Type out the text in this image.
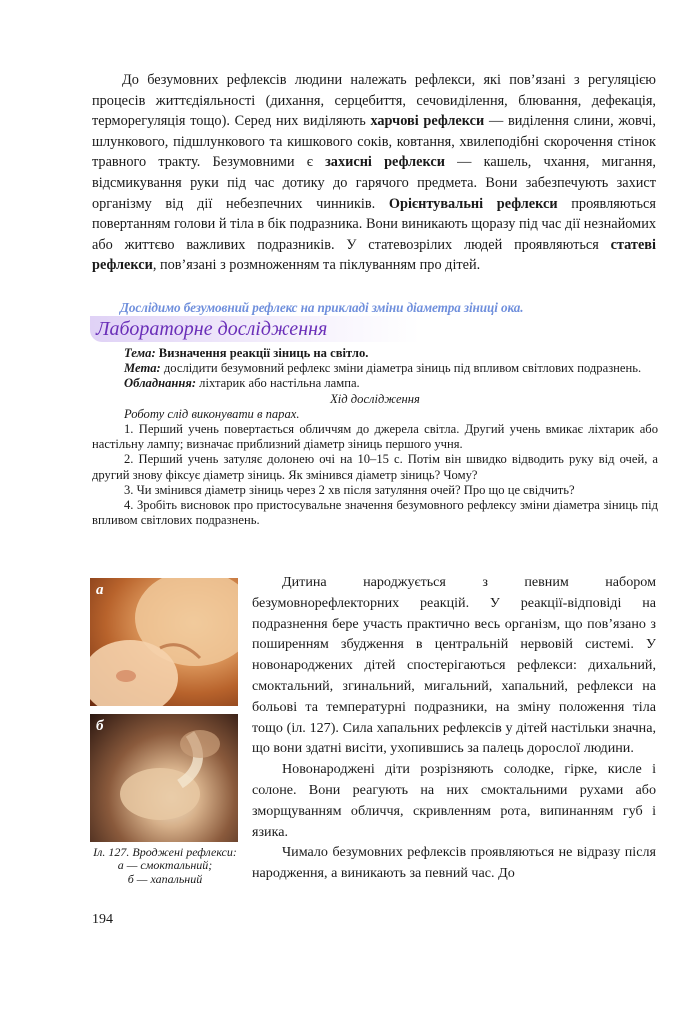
До безумовних рефлексів людини належать рефлекси, які пов’язані з регуляцією процесів життєдіяльності (дихання, серцебиття, сечовиділення, блювання, дефекація, терморегуляція тощо). Серед них виділяють харчові рефлекси — виділення слини, жовчі, шлункового, підшлункового та кишкового соків, ковтання, хвилеподібні скорочення стінок травного тракту. Безумовними є захисні рефлекси — кашель, чхання, мигання, відсмикування руки під час дотику до гарячого предмета. Вони забезпечують захист організму від дії небезпечних чинників. Орієнтувальні рефлекси проявляються повертанням голови й тіла в бік подразника. Вони виникають щоразу під час дії незнайомих або життєво важливих подразників. У статевозрілих людей проявляються статеві рефлекси, пов’язані з розмноженням та піклуванням про дітей.

Дослідимо безумовний рефлекс на прикладі зміни діаметра зіниці ока.

Лабораторне дослідження

Тема: Визначення реакції зіниць на світло.

Мета: дослідити безумовний рефлекс зміни діаметра зіниць під впливом світлових подразнень.

Обладнання: ліхтарик або настільна лампа.

Хід дослідження

Роботу слід виконувати в парах.

1. Перший учень повертається обличчям до джерела світла. Другий учень вмикає ліхтарик або настільну лампу; визначає приблизний діаметр зіниць першого учня.

2. Перший учень затуляє долонею очі на 10–15 с. Потім він швидко відводить руку від очей, а другий знову фіксує діаметр зіниць. Як змінився діаметр зіниць? Чому?

3. Чи змінився діаметр зіниць через 2 хв після затуляння очей? Про що це свідчить?

4. Зробіть висновок про пристосувальне значення безумовного рефлексу зміни діаметра зіниць під впливом світлових подразнень.

а
б

Іл. 127. Вроджені рефлекси:

а — смоктальний;

б — хапальний

Дитина народжується з певним набором безумовнорефлекторних реакцій. У реакції-відповіді на подразнення бере участь практично весь організм, що пов’язано з поширенням збудження в центральній нервовій системі. У новонароджених дітей спостерігаються рефлекси: дихальний, смоктальний, згинальний, мигальний, хапальний, рефлекси на больові та температурні подразники, на зміну положення тіла тощо (іл. 127). Сила хапальних рефлексів у дітей настільки значна, що вони здатні висіти, ухопившись за палець дорослої людини.

Новонароджені діти розрізняють солодке, гірке, кисле і солоне. Вони реагують на них смоктальними рухами або зморщуванням обличчя, скривленням рота, випинанням губ і язика.

Чимало безумовних рефлексів проявляються не відразу після народження, а виникають за певний час. До

194
